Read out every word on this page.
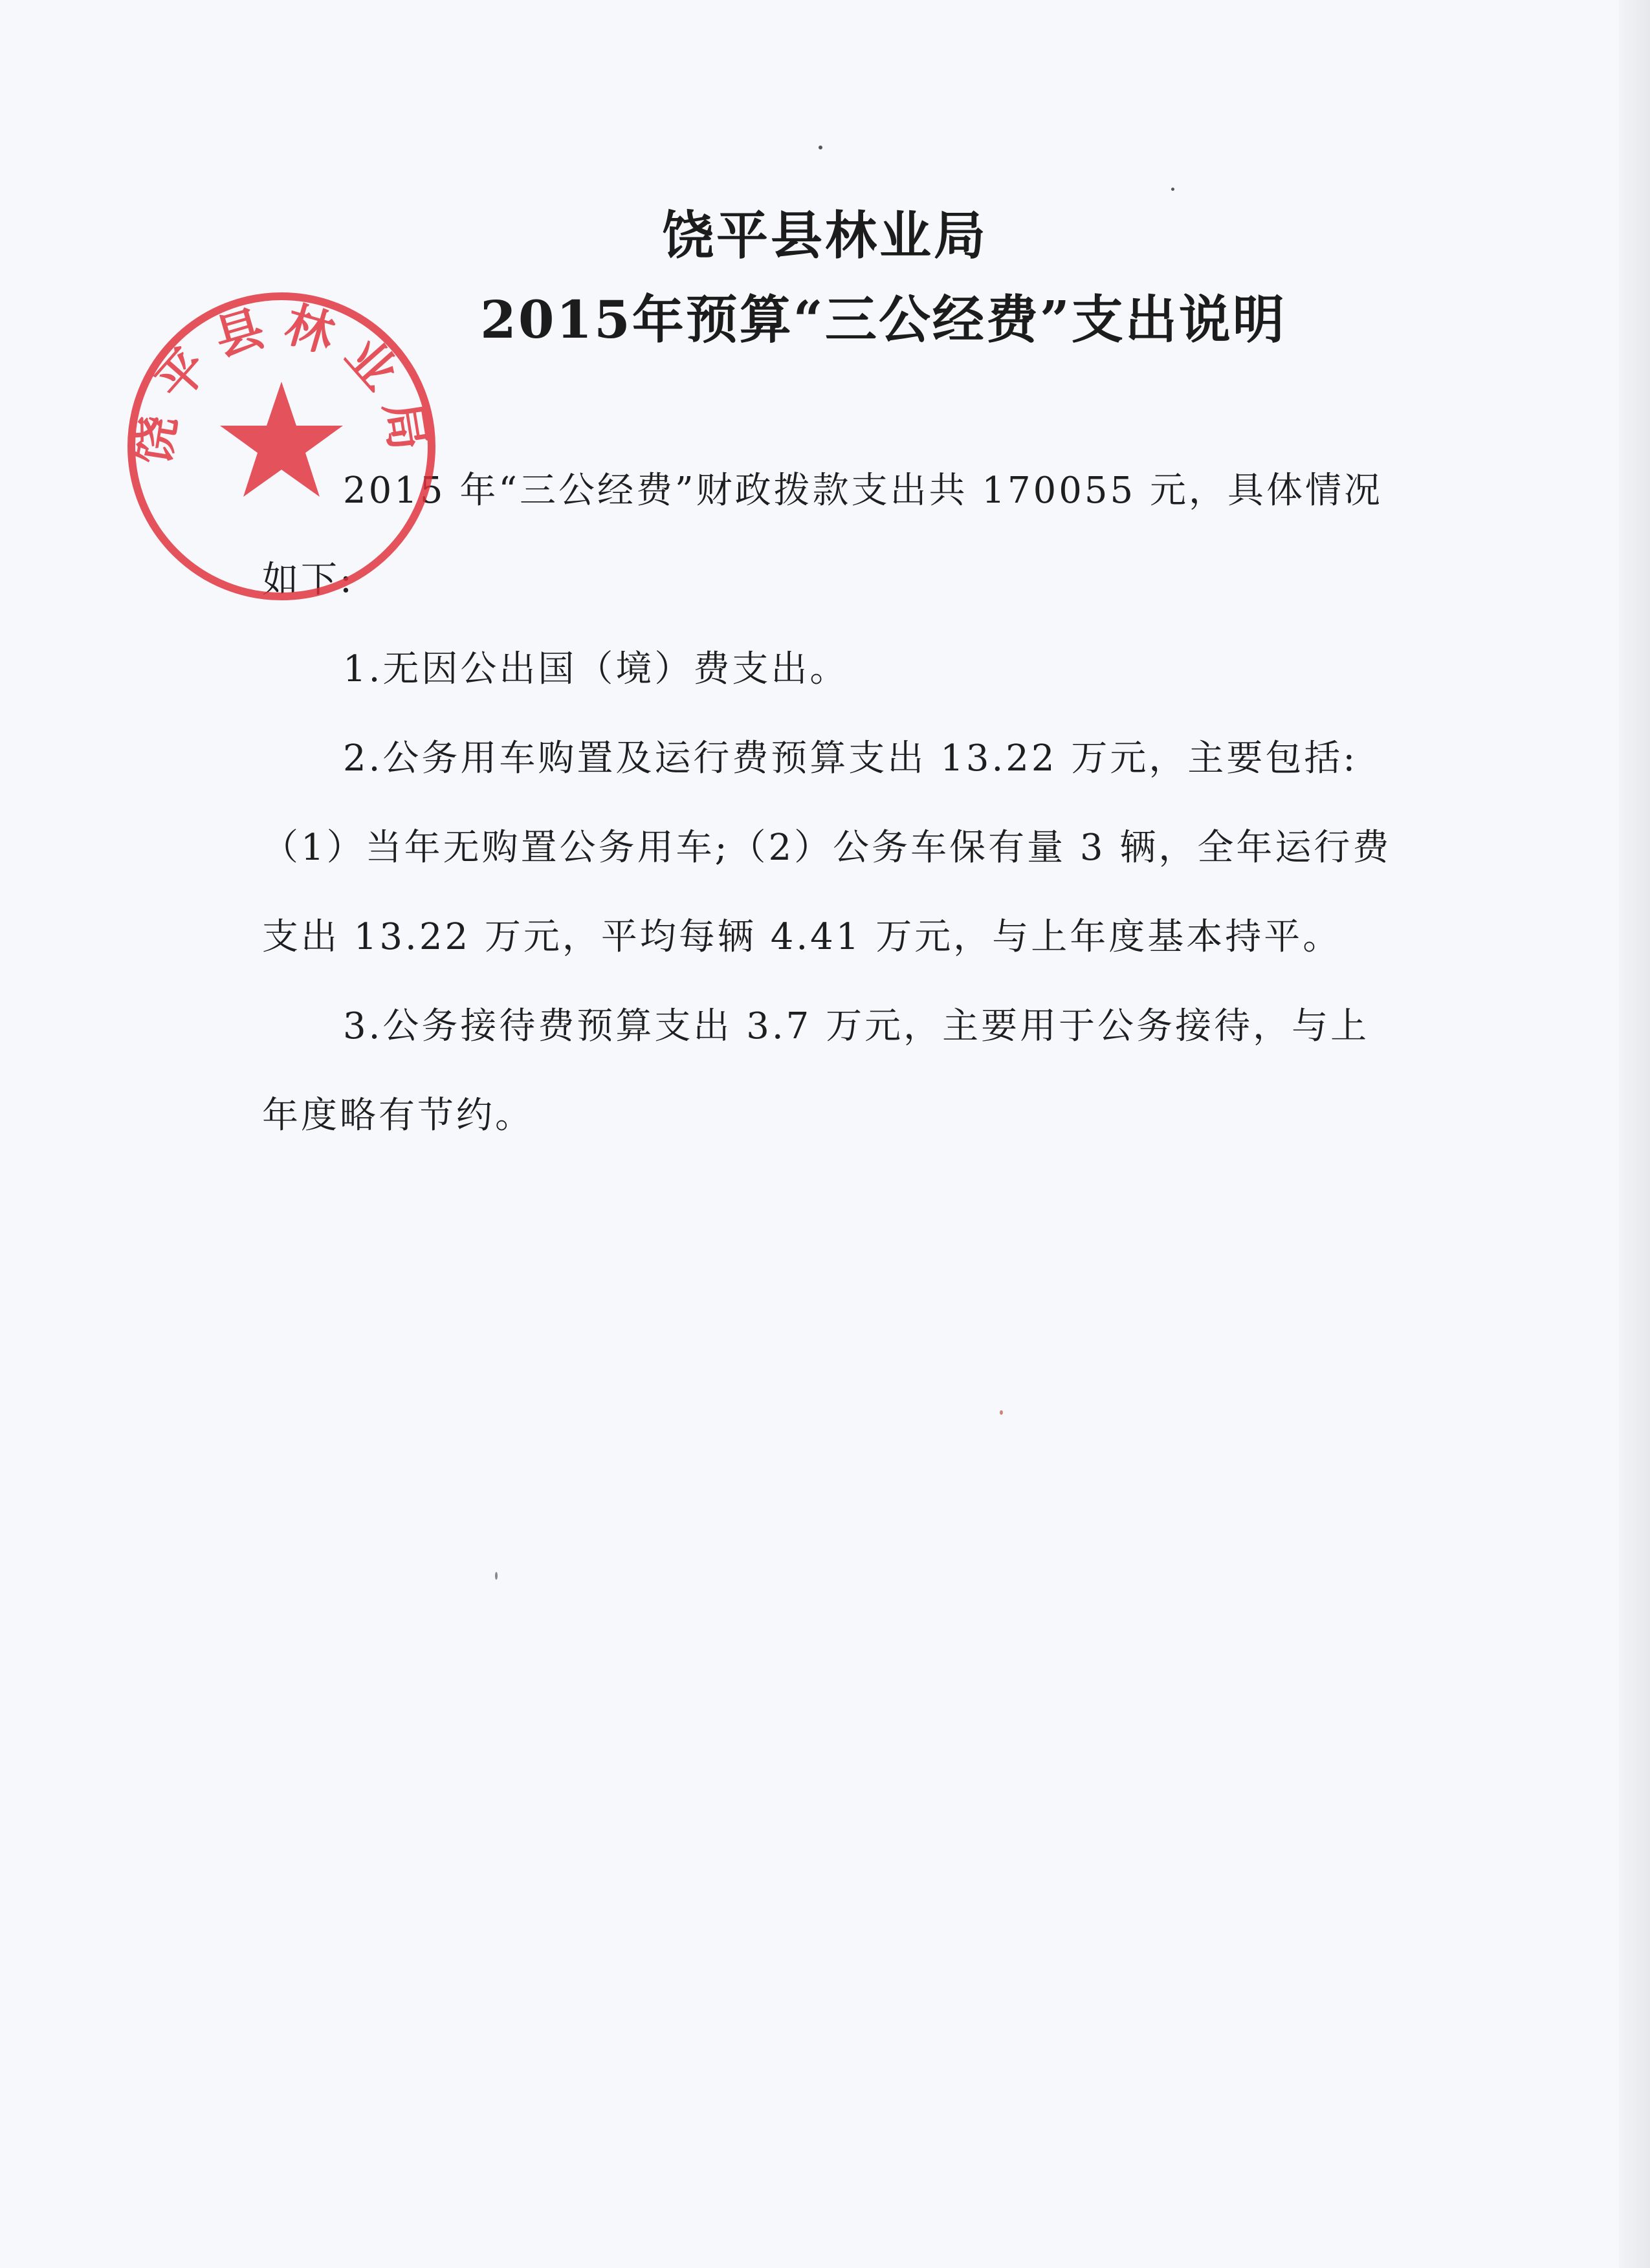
饶平县林业局
2015年预算“三公经费”支出说明

2015 年“三公经费”财政拨款支出共 170055 元，具体情况如下:

1.无因公出国（境）费支出。

2.公务用车购置及运行费预算支出 13.22 万元，主要包括:（1）当年无购置公务用车;（2）公务车保有量 3 辆，全年运行费支出 13.22 万元，平均每辆 4.41 万元，与上年度基本持平。

3.公务接待费预算支出 3.7 万元，主要用于公务接待，与上年度略有节约。

饶平县林业局
